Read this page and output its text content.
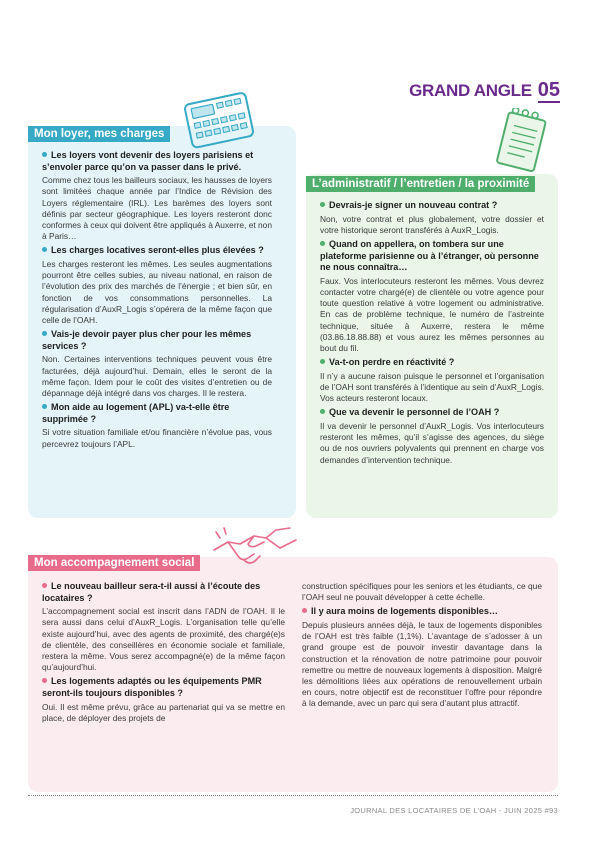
GRAND ANGLE 05
Mon loyer, mes charges
L’administratif / l’entretien / la proximité
Mon accompagnement social
Les loyers vont devenir des loyers parisiens et s’envoler parce qu’on va passer dans le privé.
Comme chez tous les bailleurs sociaux, les hausses de loyers sont limitées chaque année par l’Indice de Révision des Loyers réglementaire (IRL). Les barèmes des loyers sont définis par secteur géographique. Les loyers resteront donc conformes à ceux qui doivent être appliqués à Auxerre, et non à Paris…
Les charges locatives seront-elles plus élevées ?
Les charges resteront les mêmes. Les seules augmentations pourront être celles subies, au niveau national, en raison de l’évolution des prix des marchés de l’énergie ; et bien sûr, en fonction de vos consommations personnelles. La régularisation d’AuxR_Logis s’opérera de la même façon que celle de l’OAH.
Vais-je devoir payer plus cher pour les mêmes services ?
Non. Certaines interventions techniques peuvent vous être facturées, déjà aujourd’hui. Demain, elles le seront de la même façon. Idem pour le coût des visites d’entretien ou de dépannage déjà intégré dans vos charges. Il le restera.
Mon aide au logement (APL) va-t-elle être supprimée ?
Si votre situation familiale et/ou financière n’évolue pas, vous percevrez toujours l’APL.
Devrais-je signer un nouveau contrat ?
Non, votre contrat et plus globalement, votre dossier et votre historique seront transférés à AuxR_Logis.
Quand on appellera, on tombera sur une plateforme parisienne ou à l’étranger, où personne ne nous connaîtra…
Faux. Vos interlocuteurs resteront les mêmes. Vous devrez contacter votre chargé(e) de clientèle ou votre agence pour toute question relative à votre logement ou administrative. En cas de problème technique, le numéro de l’astreinte technique, située à Auxerre, restera le même (03.86.18.88.88) et vous aurez les mêmes personnes au bout du fil.
Va-t-on perdre en réactivité ?
Il n’y a aucune raison puisque le personnel et l’organisation de l’OAH sont transférés à l’identique au sein d’AuxR_Logis. Vos acteurs resteront locaux.
Que va devenir le personnel de l’OAH ?
Il va devenir le personnel d’AuxR_Logis. Vos interlocuteurs resteront les mêmes, qu’il s’agisse des agences, du siège ou de nos ouvriers polyvalents qui prennent en charge vos demandes d’intervention technique.
Le nouveau bailleur sera-t-il aussi à l’écoute des locataires ?
L’accompagnement social est inscrit dans l’ADN de l’OAH. Il le sera aussi dans celui d’AuxR_Logis. L’organisation telle qu’elle existe aujourd’hui, avec des agents de proximité, des chargé(e)s de clientèle, des conseillères en économie sociale et familiale, restera la même. Vous serez accompagné(e) de la même façon qu’aujourd’hui.
Les logements adaptés ou les équipements PMR seront-ils toujours disponibles ?
Oui. Il est même prévu, grâce au partenariat qui va se mettre en place, de déployer des projets de
construction spécifiques pour les seniors et les étudiants, ce que l’OAH seul ne pouvait développer à cette échelle.
Il y aura moins de logements disponibles…
Depuis plusieurs années déjà, le taux de logements disponibles de l’OAH est très faible (1,1%). L’avantage de s’adosser à un grand groupe est de pouvoir investir davantage dans la construction et la rénovation de notre patrimoine pour pouvoir remettre ou mettre de nouveaux logements à disposition. Malgré les démolitions liées aux opérations de renouvellement urbain en cours, notre objectif est de reconstituer l’offre pour répondre à la demande, avec un parc qui sera d’autant plus attractif.
JOURNAL DES LOCATAIRES DE L’OAH - JUIN 2025 #93
